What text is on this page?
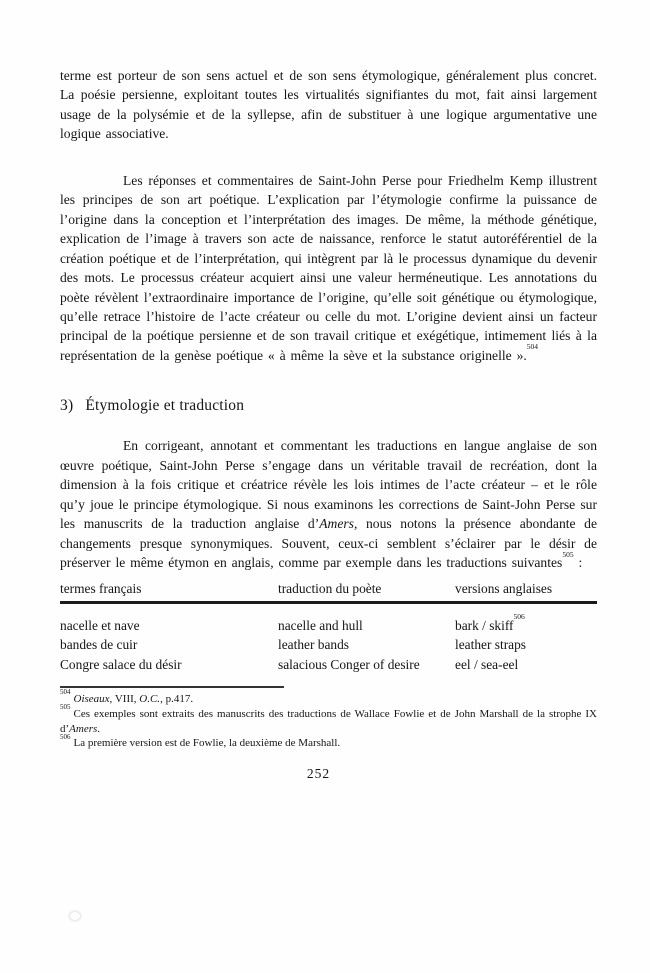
terme est porteur de son sens actuel et de son sens étymologique, généralement plus concret. La poésie persienne, exploitant toutes les virtualités signifiantes du mot, fait ainsi largement usage de la polysémie et de la syllepse, afin de substituer à une logique argumentative une logique associative.

Les réponses et commentaires de Saint-John Perse pour Friedhelm Kemp illustrent les principes de son art poétique. L’explication par l’étymologie confirme la puissance de l’origine dans la conception et l’interprétation des images. De même, la méthode génétique, explication de l’image à travers son acte de naissance, renforce le statut autoréférentiel de la création poétique et de l’interprétation, qui intègrent par là le processus dynamique du devenir des mots. Le processus créateur acquiert ainsi une valeur herméneutique. Les annotations du poète révèlent l’extraordinaire importance de l’origine, qu’elle soit génétique ou étymologique, qu’elle retrace l’histoire de l’acte créateur ou celle du mot. L’origine devient ainsi un facteur principal de la poétique persienne et de son travail critique et exégétique, intimement liés à la représentation de la genèse poétique « à même la sève et la substance originelle ».$^{504}$

3) Étymologie et traduction

En corrigeant, annotant et commentant les traductions en langue anglaise de son œuvre poétique, Saint-John Perse s’engage dans un véritable travail de recréation, dont la dimension à la fois critique et créatrice révèle les lois intimes de l’acte créateur – et le rôle qu’y joue le principe étymologique. Si nous examinons les corrections de Saint-John Perse sur les manuscrits de la traduction anglaise d’Amers, nous notons la présence abondante de changements presque synonymiques. Souvent, ceux-ci semblent s’éclairer par le désir de préserver le même étymon en anglais, comme par exemple dans les traductions suivantes$^{505}$ :

termes français	traduction du poète	versions anglaises
nacelle et nave	nacelle and hull	bark / skiff$^{506}$
bandes de cuir	leather bands	leather straps
Congre salace du désir	salacious Conger of desire	eel / sea-eel

$^{504}$Oiseaux, VIII, O.C., p.417.

$^{505}$Ces exemples sont extraits des manuscrits des traductions de Wallace Fowlie et de John Marshall de la strophe IX d’Amers.

$^{506}$La première version est de Fowlie, la deuxième de Marshall.

252
